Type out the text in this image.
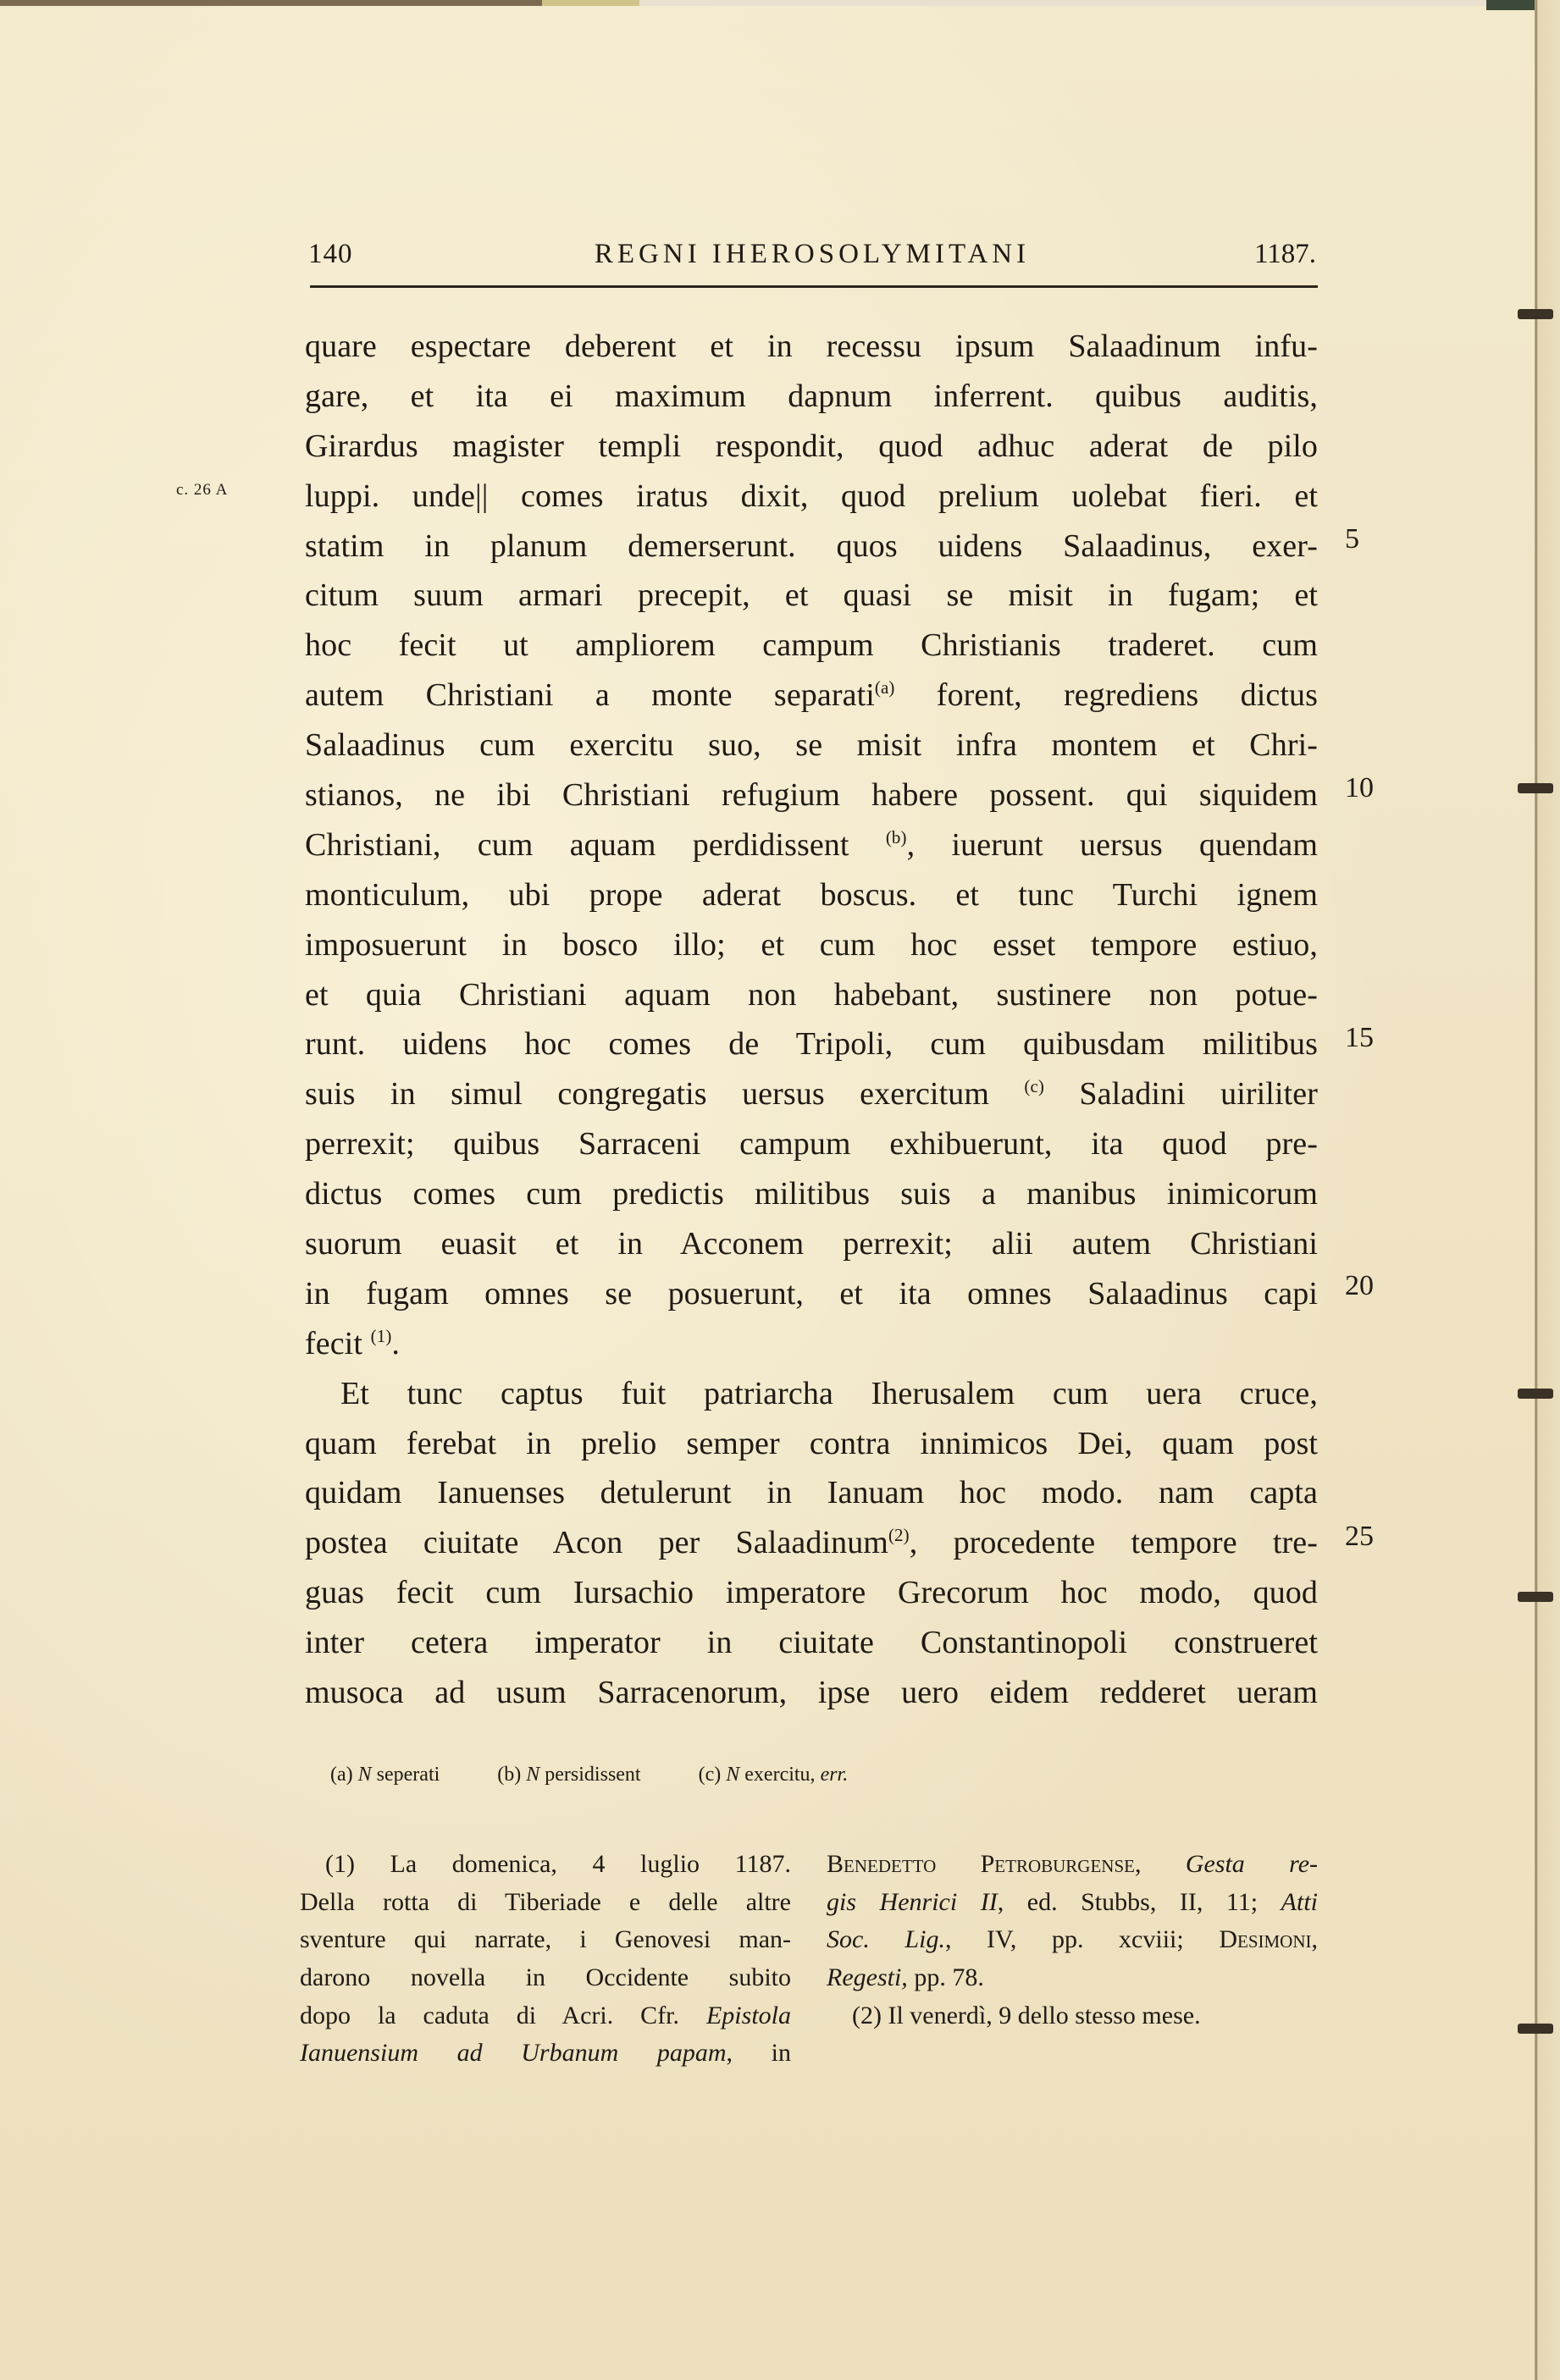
140	REGNI IHEROSOLYMITANI	1187.
c. 26 A
5
10
15
20
25
quare espectare deberent et in recessu ipsum Salaadinum infu-
gare, et ita ei maximum dapnum inferrent. quibus auditis,
Girardus magister templi respondit, quod adhuc aderat de pilo
luppi. unde|| comes iratus dixit, quod prelium uolebat fieri. et
statim in planum demerserunt. quos uidens Salaadinus, exer-
citum suum armari precepit, et quasi se misit in fugam; et
hoc fecit ut ampliorem campum Christianis traderet. cum
autem Christiani a monte separati$^{(a)}$ forent, regrediens dictus
Salaadinus cum exercitu suo, se misit infra montem et Chri-
stianos, ne ibi Christiani refugium habere possent. qui siquidem
Christiani, cum aquam perdidissent $^{(b)}$, iuerunt uersus quendam
monticulum, ubi prope aderat boscus. et tunc Turchi ignem
imposuerunt in bosco illo; et cum hoc esset tempore estiuo,
et quia Christiani aquam non habebant, sustinere non potue-
runt. uidens hoc comes de Tripoli, cum quibusdam militibus
suis in simul congregatis uersus exercitum $^{(c)}$ Saladini uiriliter
perrexit; quibus Sarraceni campum exhibuerunt, ita quod pre-
dictus comes cum predictis militibus suis a manibus inimicorum
suorum euasit et in Acconem perrexit; alii autem Christiani
in fugam omnes se posuerunt, et ita omnes Salaadinus capi
fecit $^{(1)}$.
Et tunc captus fuit patriarcha Iherusalem cum uera cruce,
quam ferebat in prelio semper contra innimicos Dei, quam post
quidam Ianuenses detulerunt in Ianuam hoc modo. nam capta
postea ciuitate Acon per Salaadinum$^{(2)}$, procedente tempore tre-
guas fecit cum Iursachio imperatore Grecorum hoc modo, quod
inter cetera imperator in ciuitate Constantinopoli construeret
musoca ad usum Sarracenorum, ipse uero eidem redderet ueram
(a) N seperati	(b) N persidissent	(c) N exercitu, err.
(1) La domenica, 4 luglio 1187.
Della rotta di Tiberiade e delle altre
sventure qui narrate, i Genovesi man-
darono novella in Occidente subito
dopo la caduta di Acri. Cfr. Epistola
Ianuensium ad Urbanum papam, in
Benedetto Petroburgense, Gesta re-
gis Henrici II, ed. Stubbs, II, 11; Atti
Soc. Lig., IV, pp. xcviii; Desimoni,
Regesti, pp. 78.
(2) Il venerdì, 9 dello stesso mese.
